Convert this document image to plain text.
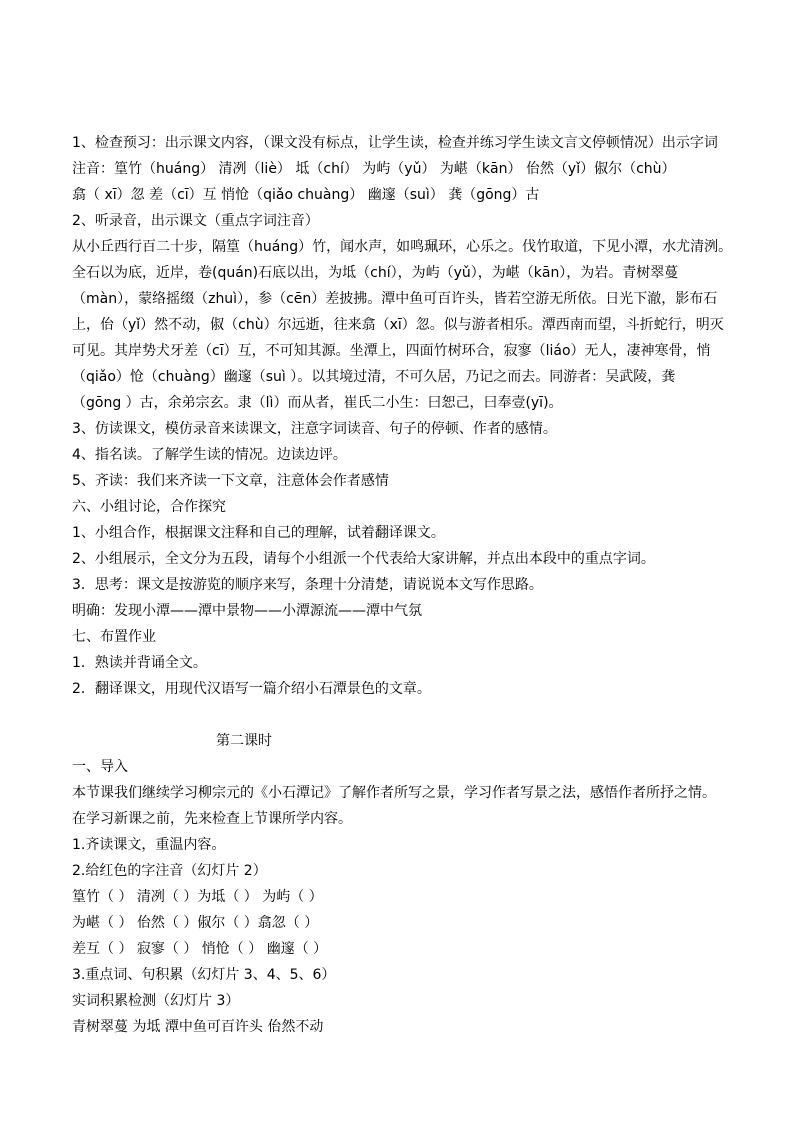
1、检查预习：出示课文内容，（课文没有标点，让学生读，检查并练习学生读文言文停顿情况）出示字词
注音：篁竹（huáng） 清冽（liè） 坻（chí） 为屿（yǔ） 为嵁（kān） 佁然（yǐ）俶尔（chù）
翕（ xī）忽 差（cī）互 悄怆（qiǎo chuàng） 幽邃（suì） 龚（gōng）古
2、听录音，出示课文（重点字词注音）
从小丘西行百二十步，隔篁（huáng）竹，闻水声，如鸣珮环，心乐之。伐竹取道，下见小潭，水尤清洌。
全石以为底，近岸，卷(quán)石底以出，为坻（chí），为屿（yǔ），为嵁（kān），为岩。青树翠蔓
（màn），蒙络摇缀（zhuì），参（cēn）差披拂。潭中鱼可百许头，皆若空游无所依。日光下澈，影布石
上，佁（yǐ）然不动，俶（chù）尔远逝，往来翕（xī）忽。似与游者相乐。潭西南而望，斗折蛇行，明灭
可见。其岸势犬牙差（cī）互，不可知其源。坐潭上，四面竹树环合，寂寥（liáo）无人，凄神寒骨，悄
（qiǎo）怆（chuàng）幽邃（suì ）。以其境过清，不可久居，乃记之而去。同游者：吴武陵，龚
（gōng ）古，余弟宗玄。隶（lì）而从者，崔氏二小生：曰恕己，曰奉壹(yī)。
3、仿读课文，模仿录音来读课文，注意字词读音、句子的停顿、作者的感情。
4、指名读。了解学生读的情况。边读边评。
5、齐读：我们来齐读一下文章，注意体会作者感情
六、小组讨论，合作探究
1、小组合作，根据课文注释和自己的理解，试着翻译课文。
2、小组展示，全文分为五段，请每个小组派一个代表给大家讲解，并点出本段中的重点字词。
3．思考：课文是按游览的顺序来写，条理十分清楚，请说说本文写作思路。
明确：发现小潭——潭中景物——小潭源流——潭中气氛
七、布置作业
1．熟读并背诵全文。
2．翻译课文，用现代汉语写一篇介绍小石潭景色的文章。
第二课时
一、导入
本节课我们继续学习柳宗元的《小石潭记》了解作者所写之景，学习作者写景之法，感悟作者所抒之情。
在学习新课之前，先来检查上节课所学内容。
1.齐读课文，重温内容。
2.给红色的字注音（幻灯片 2）
篁竹（ ） 清冽（ ）为坻（ ） 为屿（ ）
为嵁（ ） 佁然（ ）俶尔（ ）翕忽（ ）
差互（ ） 寂寥（ ） 悄怆（ ） 幽邃（ ）
3.重点词、句积累（幻灯片 3、4、5、6）
实词积累检测（幻灯片 3）
青树翠蔓 为坻 潭中鱼可百许头 佁然不动
